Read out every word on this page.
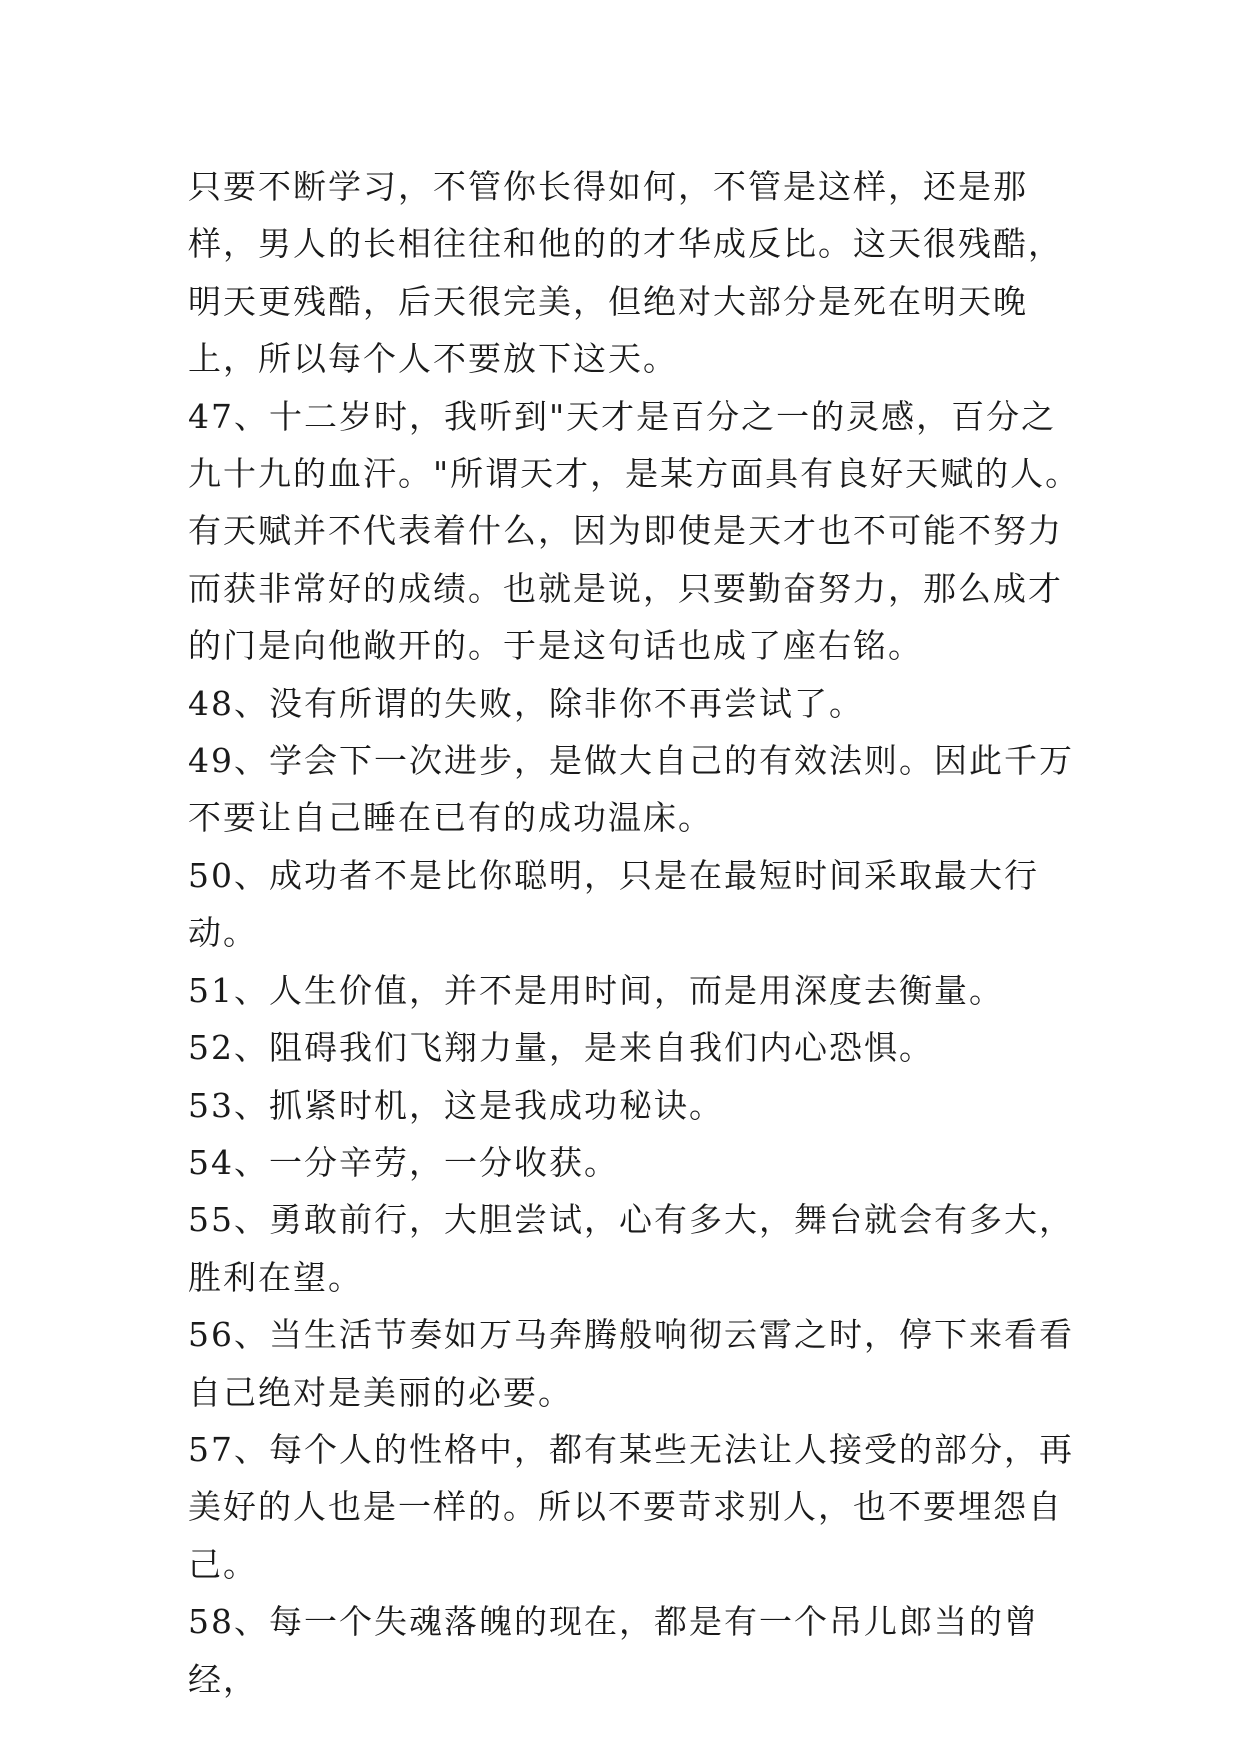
只要不断学习，不管你长得如何，不管是这样，还是那样，男人的长相往往和他的的才华成反比。这天很残酷，明天更残酷，后天很完美，但绝对大部分是死在明天晚上，所以每个人不要放下这天。

47、十二岁时，我听到"天才是百分之一的灵感，百分之九十九的血汗。"所谓天才，是某方面具有良好天赋的人。有天赋并不代表着什么，因为即使是天才也不可能不努力而获非常好的成绩。也就是说，只要勤奋努力，那么成才的门是向他敞开的。于是这句话也成了座右铭。

48、没有所谓的失败，除非你不再尝试了。

49、学会下一次进步，是做大自己的有效法则。因此千万不要让自己睡在已有的成功温床。

50、成功者不是比你聪明，只是在最短时间采取最大行动。

51、人生价值，并不是用时间，而是用深度去衡量。

52、阻碍我们飞翔力量，是来自我们内心恐惧。

53、抓紧时机，这是我成功秘诀。

54、一分辛劳，一分收获。

55、勇敢前行，大胆尝试，心有多大，舞台就会有多大，胜利在望。

56、当生活节奏如万马奔腾般响彻云霄之时，停下来看看自己绝对是美丽的必要。

57、每个人的性格中，都有某些无法让人接受的部分，再美好的人也是一样的。所以不要苛求别人，也不要埋怨自己。

58、每一个失魂落魄的现在，都是有一个吊儿郎当的曾经，
